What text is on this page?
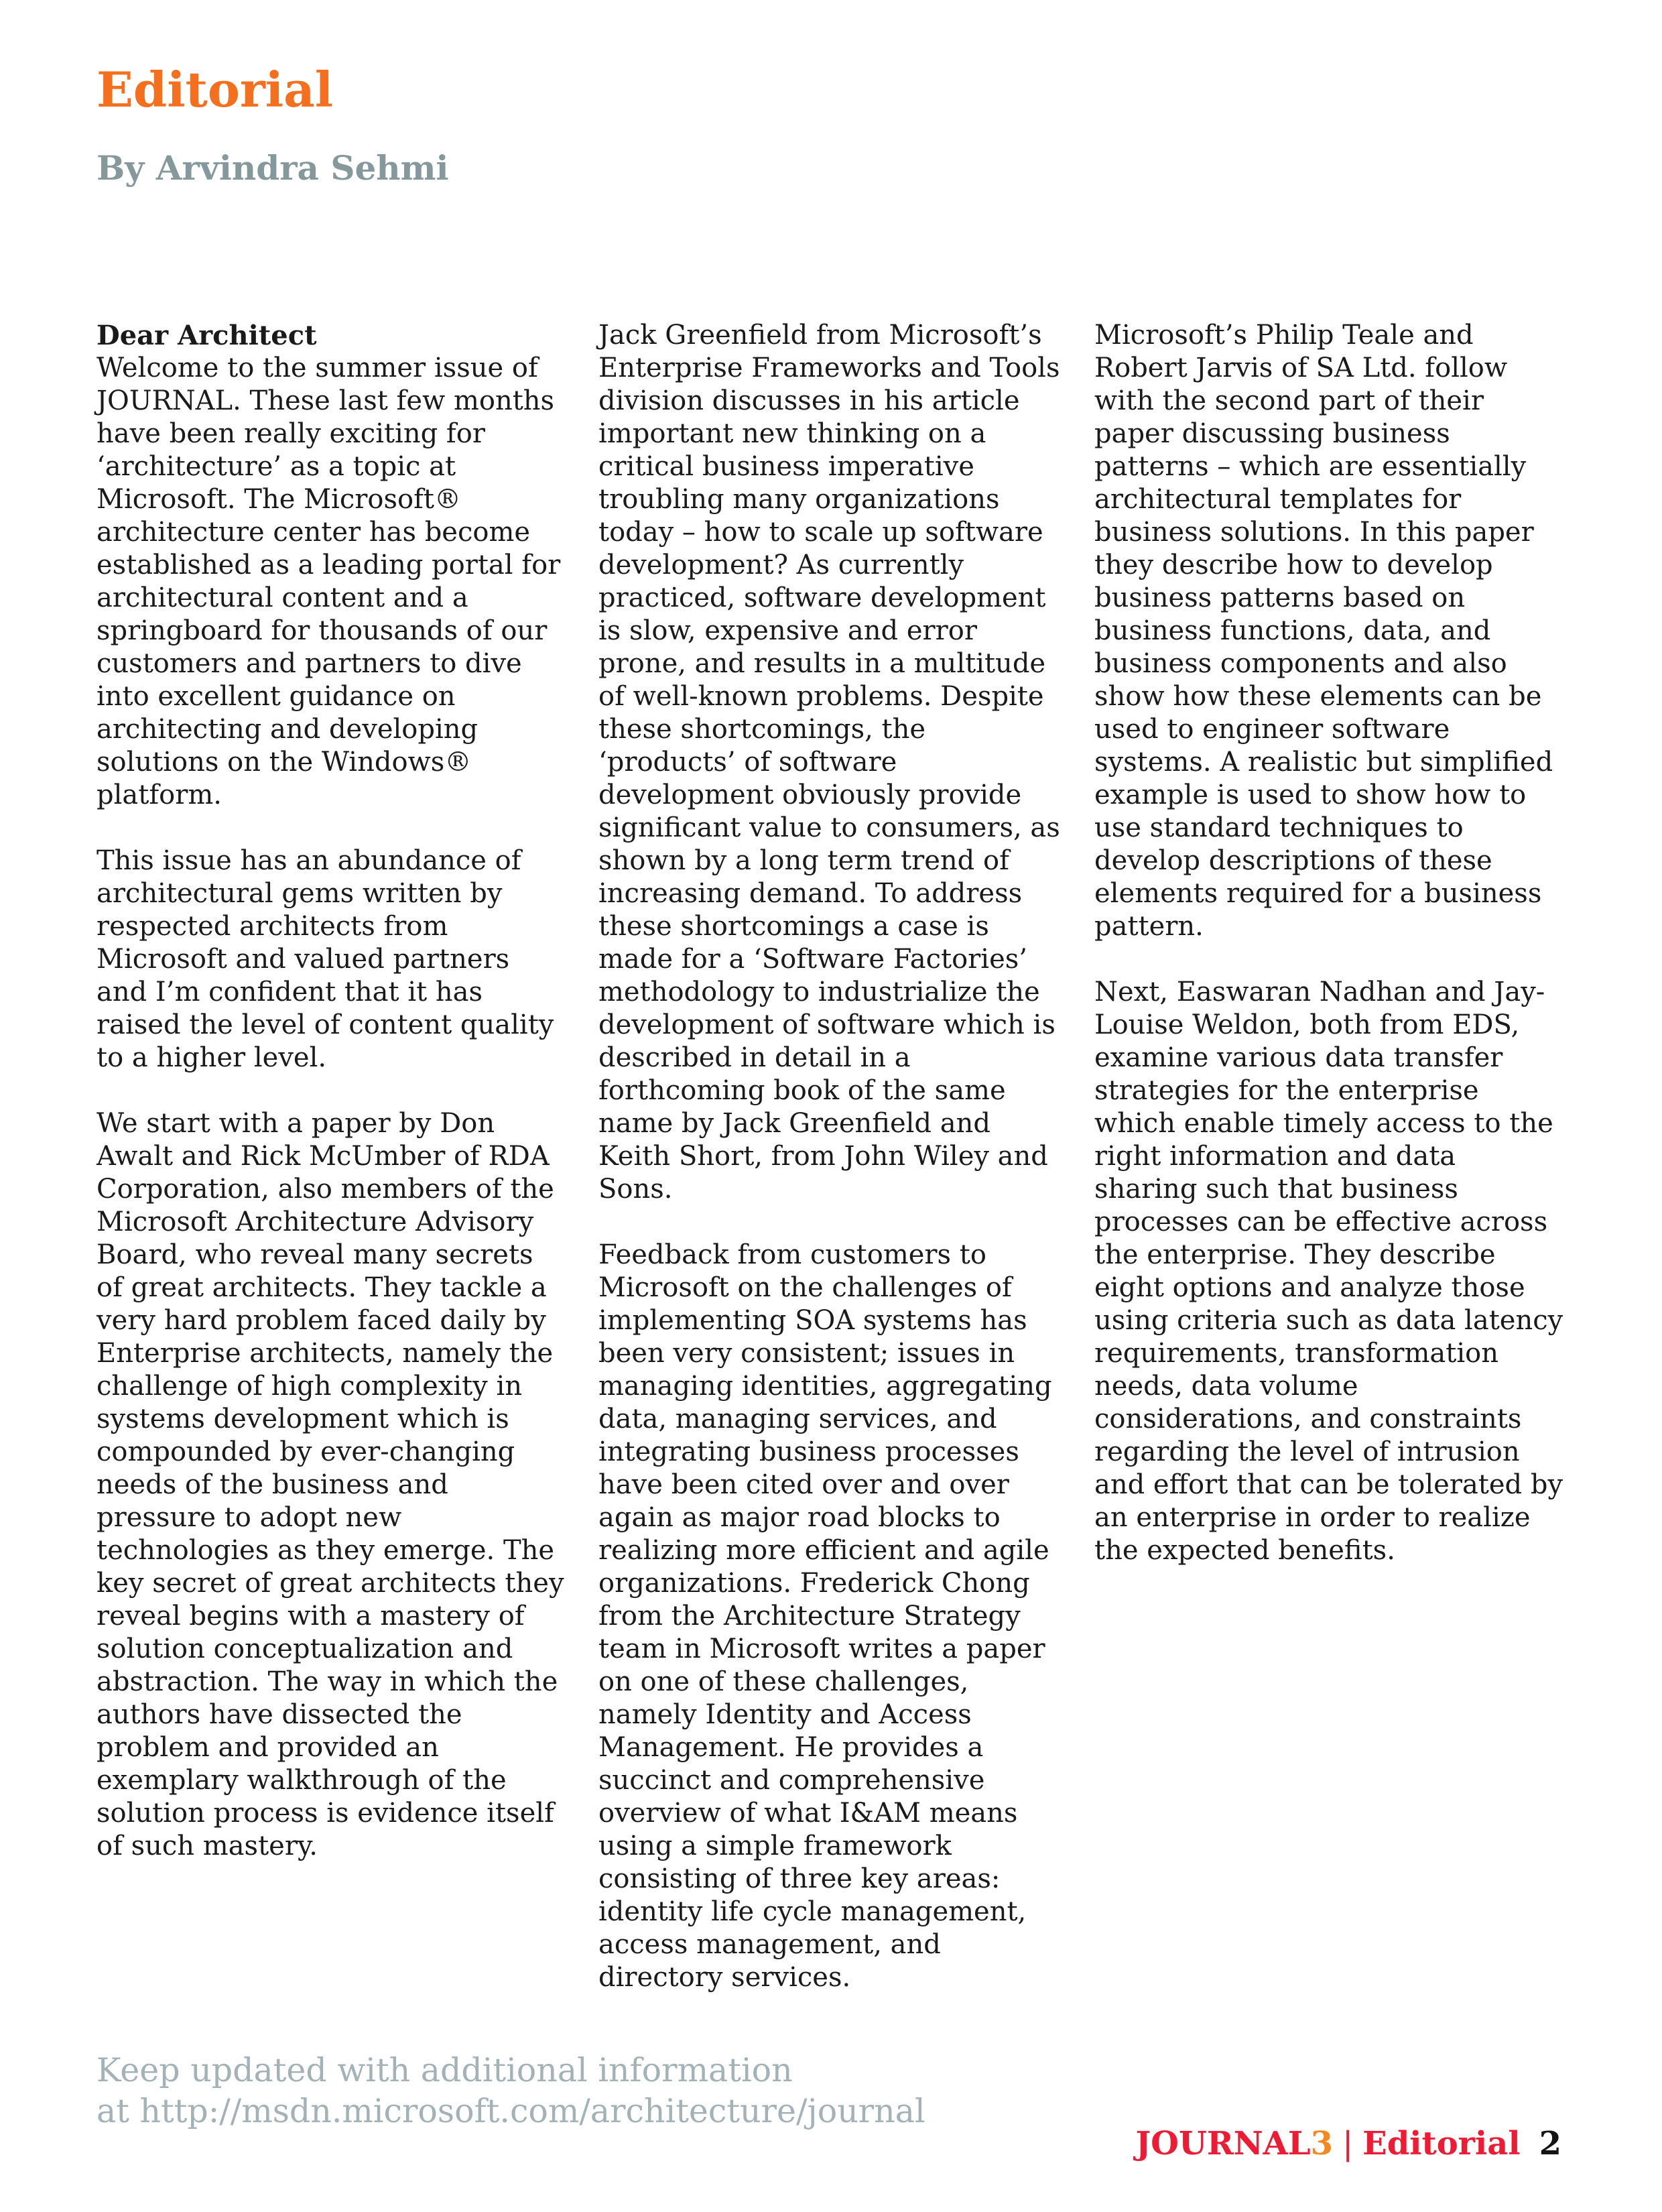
Editorial
By Arvindra Sehmi

Dear Architect

Welcome to the summer issue of JOURNAL. These last few months have been really exciting for ‘architecture’ as a topic at Microsoft. The Microsoft® architecture center has become established as a leading portal for architectural content and a springboard for thousands of our customers and partners to dive into excellent guidance on architecting and developing solutions on the Windows® platform.

This issue has an abundance of architectural gems written by respected architects from Microsoft and valued partners and I’m confident that it has raised the level of content quality to a higher level.

We start with a paper by Don Awalt and Rick McUmber of RDA Corporation, also members of the Microsoft Architecture Advisory Board, who reveal many secrets of great architects. They tackle a very hard problem faced daily by Enterprise architects, namely the challenge of high complexity in systems development which is compounded by ever-changing needs of the business and pressure to adopt new technologies as they emerge. The key secret of great architects they reveal begins with a mastery of solution conceptualization and abstraction. The way in which the authors have dissected the problem and provided an exemplary walkthrough of the solution process is evidence itself of such mastery.

Jack Greenfield from Microsoft’s Enterprise Frameworks and Tools division discusses in his article important new thinking on a critical business imperative troubling many organizations today – how to scale up software development? As currently practiced, software development is slow, expensive and error prone, and results in a multitude of well-known problems. Despite these shortcomings, the ‘products’ of software development obviously provide significant value to consumers, as shown by a long term trend of increasing demand. To address these shortcomings a case is made for a ‘Software Factories’ methodology to industrialize the development of software which is described in detail in a forthcoming book of the same name by Jack Greenfield and Keith Short, from John Wiley and Sons.

Feedback from customers to Microsoft on the challenges of implementing SOA systems has been very consistent; issues in managing identities, aggregating data, managing services, and integrating business processes have been cited over and over again as major road blocks to realizing more efficient and agile organizations. Frederick Chong from the Architecture Strategy team in Microsoft writes a paper on one of these challenges, namely Identity and Access Management. He provides a succinct and comprehensive overview of what I&AM means using a simple framework consisting of three key areas: identity life cycle management, access management, and directory services.

Microsoft’s Philip Teale and Robert Jarvis of SA Ltd. follow with the second part of their paper discussing business patterns – which are essentially architectural templates for business solutions. In this paper they describe how to develop business patterns based on business functions, data, and business components and also show how these elements can be used to engineer software systems. A realistic but simplified example is used to show how to use standard techniques to develop descriptions of these elements required for a business pattern.

Next, Easwaran Nadhan and Jay-Louise Weldon, both from EDS, examine various data transfer strategies for the enterprise which enable timely access to the right information and data sharing such that business processes can be effective across the enterprise. They describe eight options and analyze those using criteria such as data latency requirements, transformation needs, data volume considerations, and constraints regarding the level of intrusion and effort that can be tolerated by an enterprise in order to realize the expected benefits.

Keep updated with additional information
at http://msdn.microsoft.com/architecture/journal
JOURNAL3 | Editorial 2
